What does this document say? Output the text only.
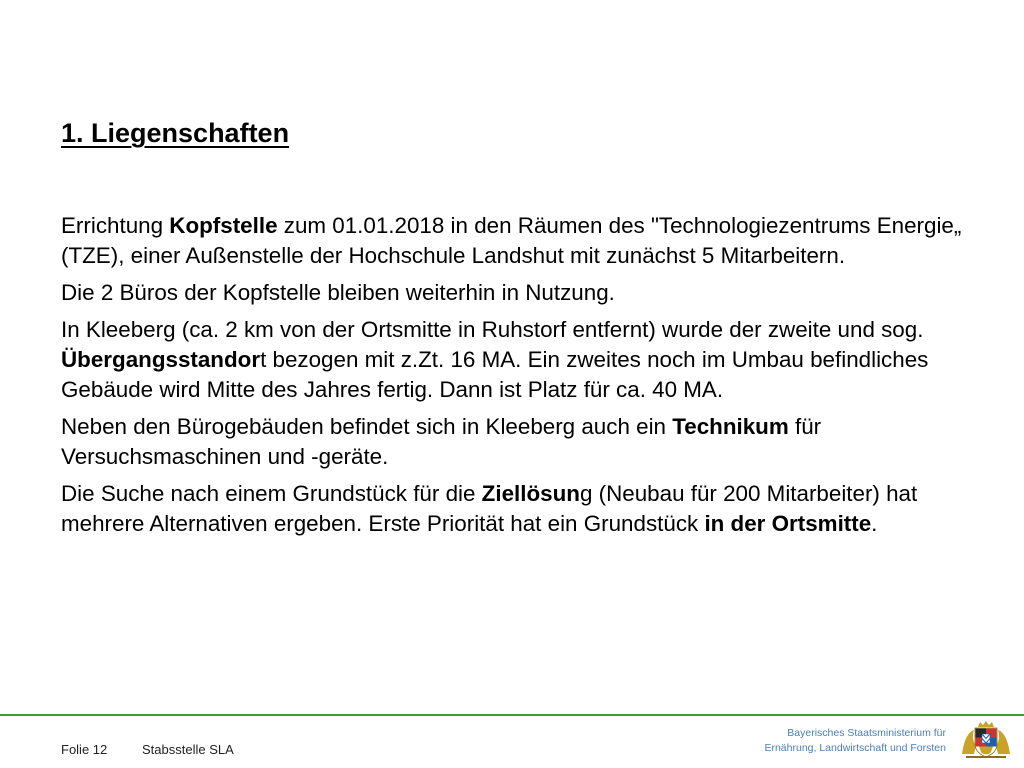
1. Liegenschaften

Errichtung Kopfstelle zum 01.01.2018 in den Räumen des "Technologiezentrums Energie„ (TZE), einer Außenstelle der Hochschule Landshut mit zunächst 5 Mitarbeitern.

Die 2 Büros der Kopfstelle bleiben weiterhin in Nutzung.

In Kleeberg (ca. 2 km von der Ortsmitte in Ruhstorf entfernt) wurde der zweite und sog. Übergangsstandort bezogen mit z.Zt. 16 MA. Ein zweites noch im Umbau befindliches Gebäude wird Mitte des Jahres fertig. Dann ist Platz für ca. 40 MA.

Neben den Bürogebäuden befindet sich in Kleeberg auch ein Technikum für Versuchsmaschinen und -geräte.

Die Suche nach einem Grundstück für die Ziellösung (Neubau für 200 Mitarbeiter) hat mehrere Alternativen ergeben. Erste Priorität hat ein Grundstück in der Ortsmitte.

Folie 12	Stabsstelle SLA
Bayerisches Staatsministerium für
Ernährung, Landwirtschaft und Forsten
